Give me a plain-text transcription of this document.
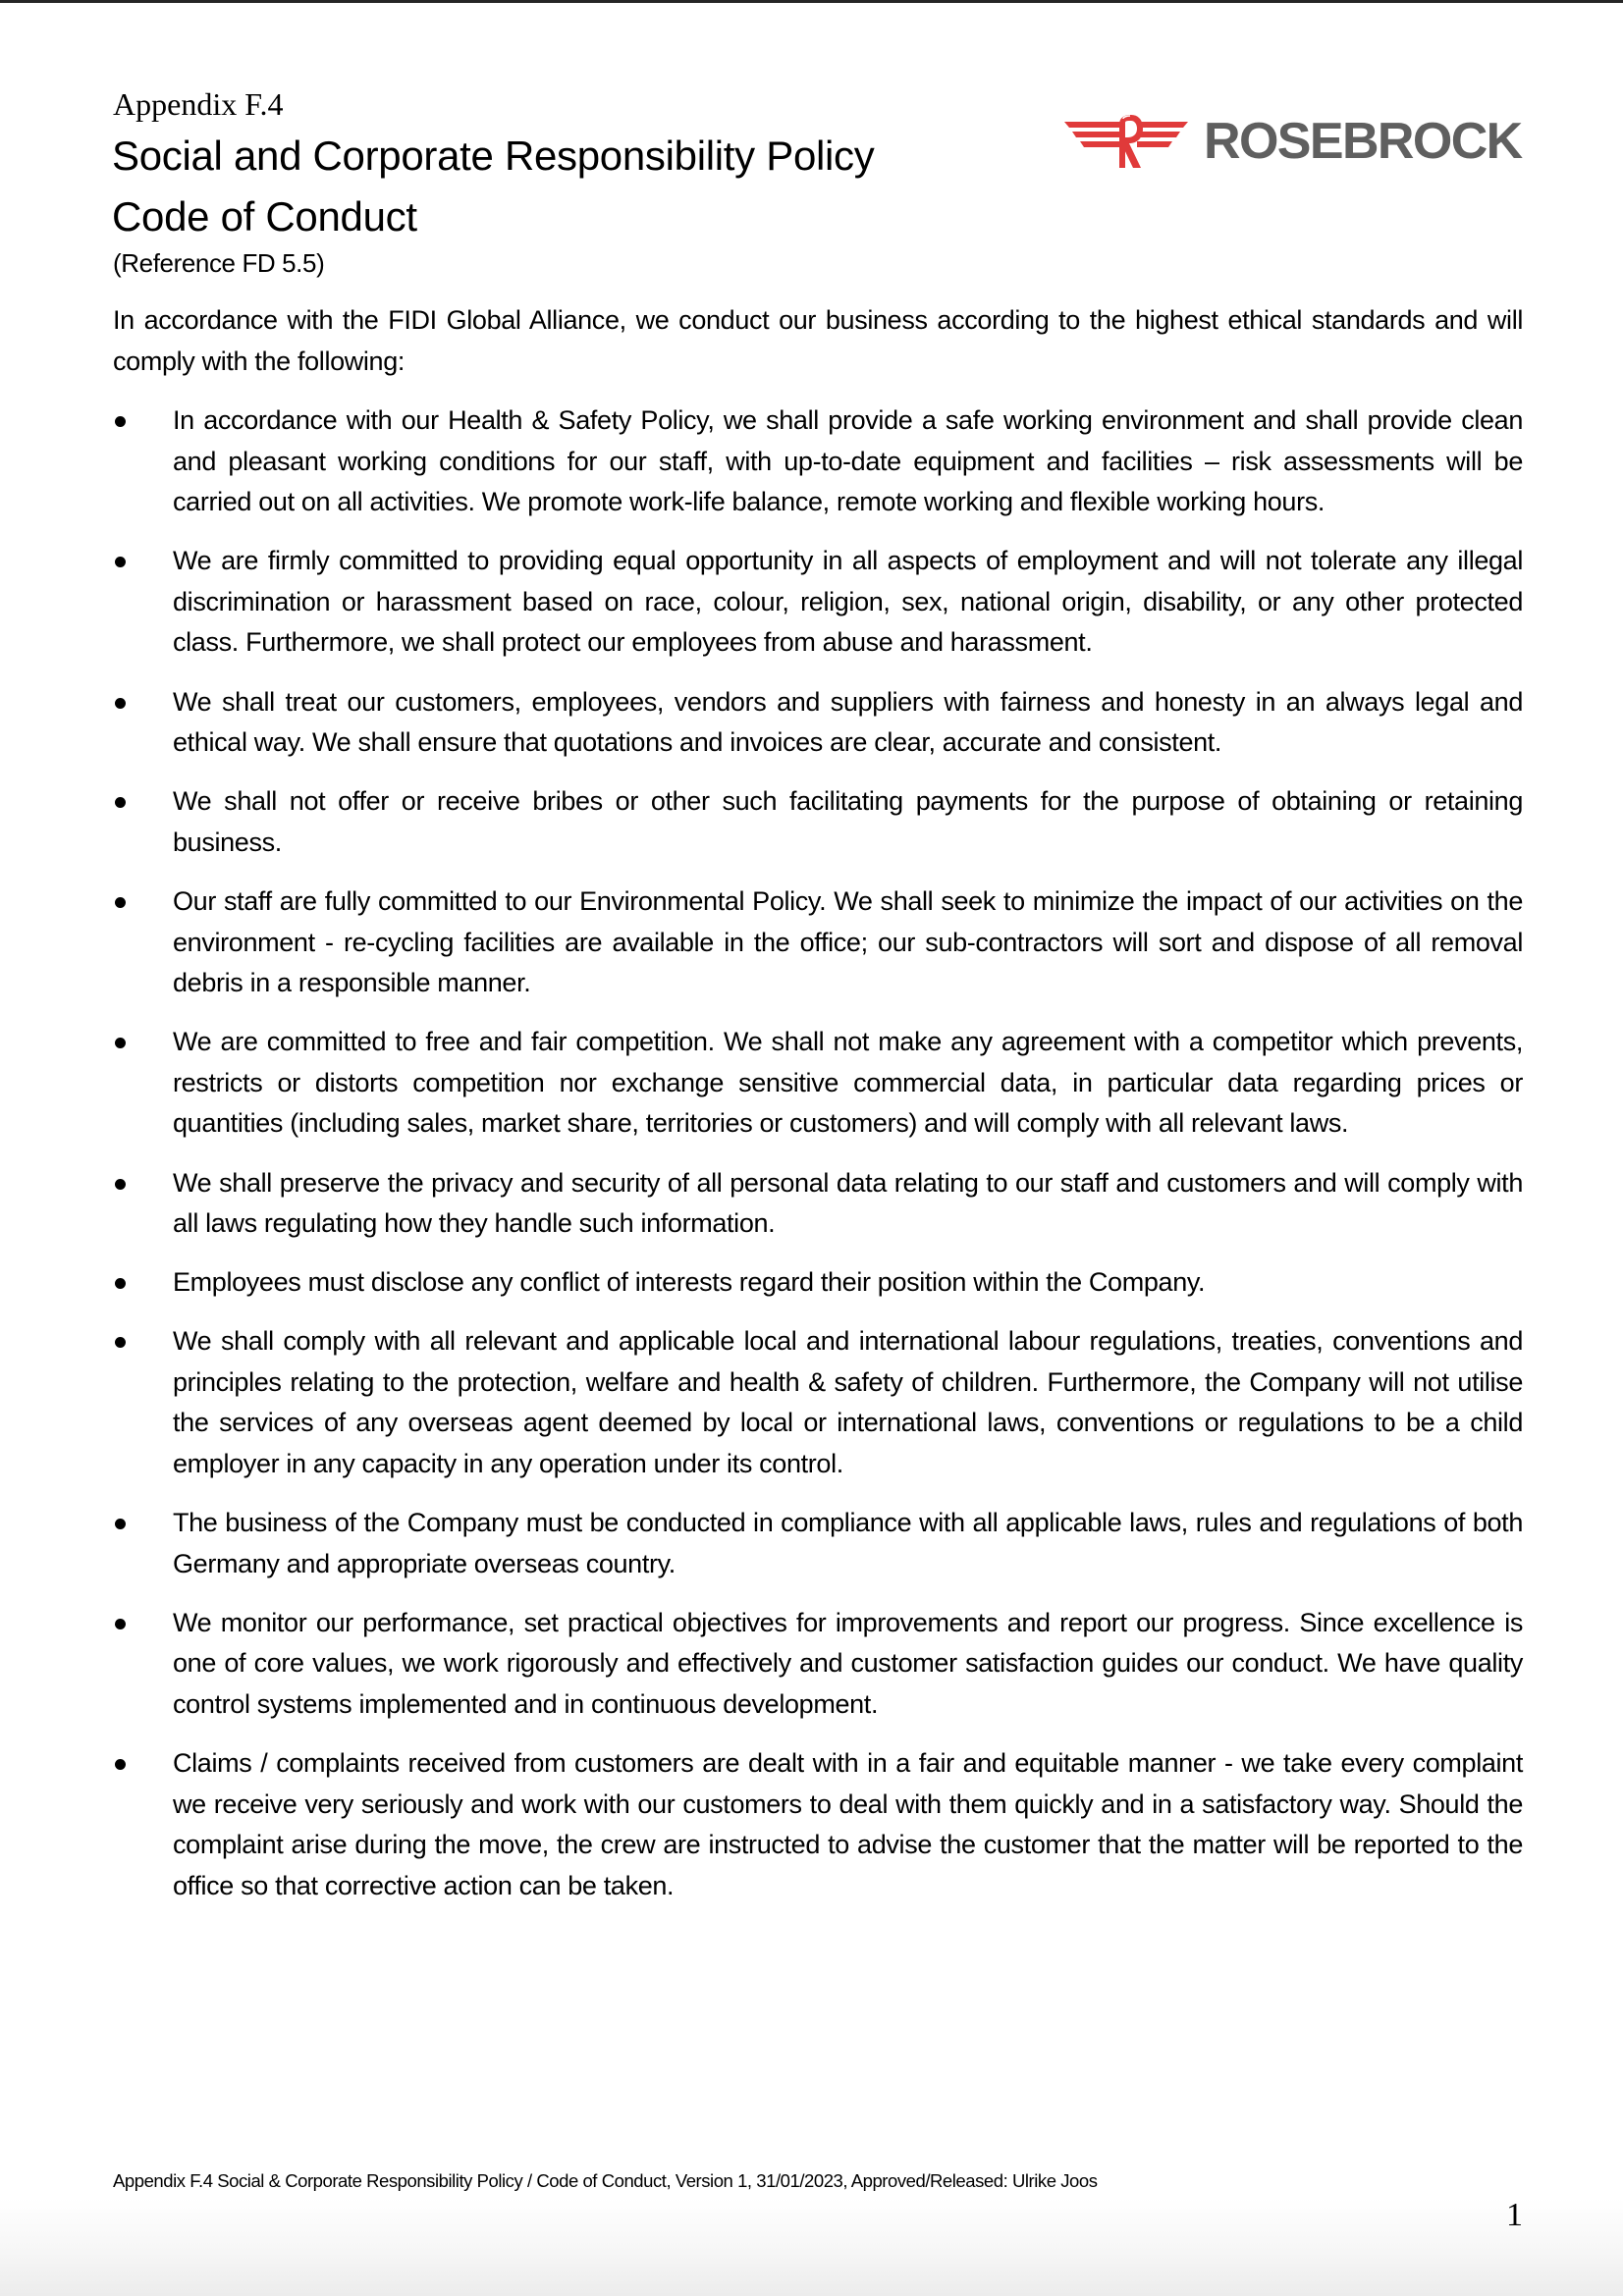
Appendix F.4
Social and Corporate Responsibility Policy
Code of Conduct
(Reference FD 5.5)
ROSEBROCK

In accordance with the FIDI Global Alliance, we conduct our business according to the highest ethical standards and will comply with the following:

In accordance with our Health & Safety Policy, we shall provide a safe working environment and shall provide clean and pleasant working conditions for our staff, with up-to-date equipment and facilities – risk assessments will be carried out on all activities. We promote work-life balance, remote working and flexible working hours.
We are firmly committed to providing equal opportunity in all aspects of employment and will not tolerate any illegal discrimination or harassment based on race, colour, religion, sex, national origin, disability, or any other protected class. Furthermore, we shall protect our employees from abuse and harassment.
We shall treat our customers, employees, vendors and suppliers with fairness and honesty in an always legal and ethical way. We shall ensure that quotations and invoices are clear, accurate and consistent.
We shall not offer or receive bribes or other such facilitating payments for the purpose of obtaining or retaining business.
Our staff are fully committed to our Environmental Policy. We shall seek to minimize the impact of our activities on the environment - re-cycling facilities are available in the office; our sub-contractors will sort and dispose of all removal debris in a responsible manner.
We are committed to free and fair competition. We shall not make any agreement with a competitor which prevents, restricts or distorts competition nor exchange sensitive commercial data, in particular data regarding prices or quantities (including sales, market share, territories or customers) and will comply with all relevant laws.
We shall preserve the privacy and security of all personal data relating to our staff and customers and will comply with all laws regulating how they handle such information.
Employees must disclose any conflict of interests regard their position within the Company.
We shall comply with all relevant and applicable local and international labour regulations, treaties, conventions and principles relating to the protection, welfare and health & safety of children. Furthermore, the Company will not utilise the services of any overseas agent deemed by local or international laws, conventions or regulations to be a child employer in any capacity in any operation under its control.
The business of the Company must be conducted in compliance with all applicable laws, rules and regulations of both Germany and appropriate overseas country.
We monitor our performance, set practical objectives for improvements and report our progress. Since excellence is one of core values, we work rigorously and effectively and customer satisfaction guides our conduct. We have quality control systems implemented and in continuous development.
Claims / complaints received from customers are dealt with in a fair and equitable manner - we take every complaint we receive very seriously and work with our customers to deal with them quickly and in a satisfactory way. Should the complaint arise during the move, the crew are instructed to advise the customer that the matter will be reported to the office so that corrective action can be taken.
Appendix F.4 Social & Corporate Responsibility Policy / Code of Conduct, Version 1, 31/01/2023, Approved/Released: Ulrike Joos
1
